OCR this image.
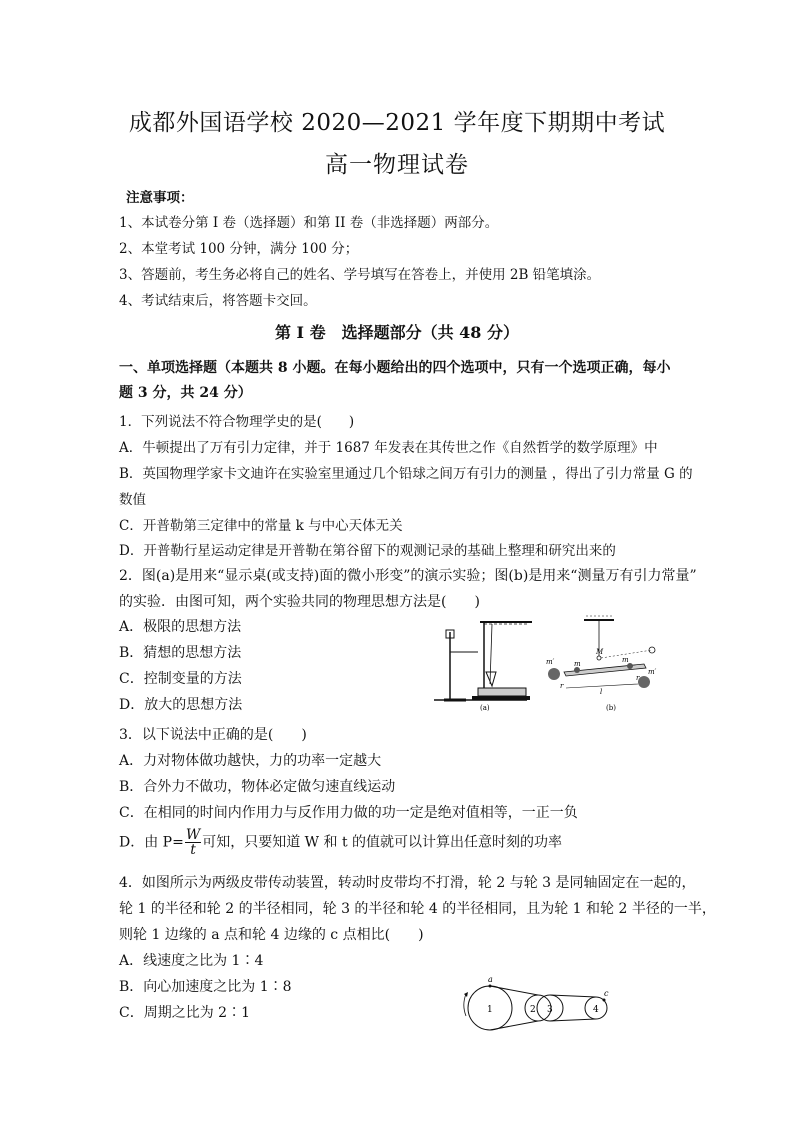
成都外国语学校 2020—2021 学年度下期期中考试
高一物理试卷
注意事项：
1、本试卷分第 I 卷（选择题）和第 II 卷（非选择题）两部分。
2、本堂考试 100 分钟，满分 100 分；
3、答题前，考生务必将自己的姓名、学号填写在答卷上，并使用 2B 铅笔填涂。
4、考试结束后，将答题卡交回。
第 I 卷　选择题部分（共 48 分）
一、单项选择题（本题共 8 小题。在每小题给出的四个选项中，只有一个选项正确，每小
题 3 分，共 24 分）
1．下列说法不符合物理学史的是(　　)
A．牛顿提出了万有引力定律，并于 1687 年发表在其传世之作《自然哲学的数学原理》中
B．英国物理学家卡文迪许在实验室里通过几个铅球之间万有引力的测量 ，得出了引力常量 G 的
数值
C．开普勒第三定律中的常量 k 与中心天体无关
D．开普勒行星运动定律是开普勒在第谷留下的观测记录的基础上整理和研究出来的
2．图(a)是用来“显示桌(或支持)面的微小形变”的演示实验；图(b)是用来“测量万有引力常量”
的实验．由图可知，两个实验共同的物理思想方法是(　　)
A．极限的思想方法
B．猜想的思想方法
C．控制变量的方法
D．放大的思想方法	(a)
M
m	m
m′
m′
r
r
l
(b)
3．以下说法中正确的是(　　)
A．力对物体做功越快，力的功率一定越大
B．合外力不做功，物体必定做匀速直线运动
C．在相同的时间内作用力与反作用力做的功一定是绝对值相等，一正一负
D．由 $P= \frac{W}{t}$ 可知，只要知道 W 和 t 的值就可以计算出任意时刻的功率
4．如图所示为两级皮带传动装置，转动时皮带均不打滑，轮 2 与轮 3 是同轴固定在一起的，
轮 1 的半径和轮 2 的半径相同，轮 3 的半径和轮 4 的半径相同，且为轮 1 和轮 2 半径的一半，
则轮 1 边缘的 a 点和轮 4 边缘的 c 点相比(　　)
A．线速度之比为 1∶4
B．向心加速度之比为 1∶8
C．周期之比为 2∶1	1	2 3	4
a
c
